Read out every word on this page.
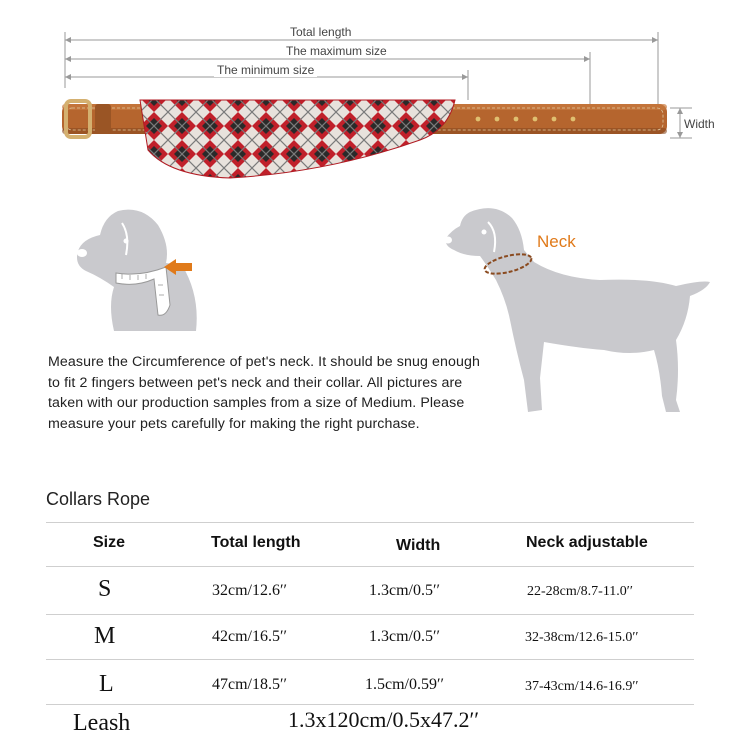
Total length
The maximum size
The minimum size
Width
Neck
Measure the Circumference of pet's neck. It should be snug enough to fit 2 fingers between pet's neck and their collar. All pictures are taken with our production samples from a size of Medium. Please measure your pets carefully for making the right purchase.
Collars Rope
Size	Total length	Width	Neck adjustable
S	32cm/12.6′′	1.3cm/0.5′′	22-28cm/8.7-11.0′′
M	42cm/16.5′′	1.3cm/0.5′′	32-38cm/12.6-15.0′′
L	47cm/18.5′′	1.5cm/0.59′′	37-43cm/14.6-16.9′′
Leash	1.3x120cm/0.5x47.2′′
